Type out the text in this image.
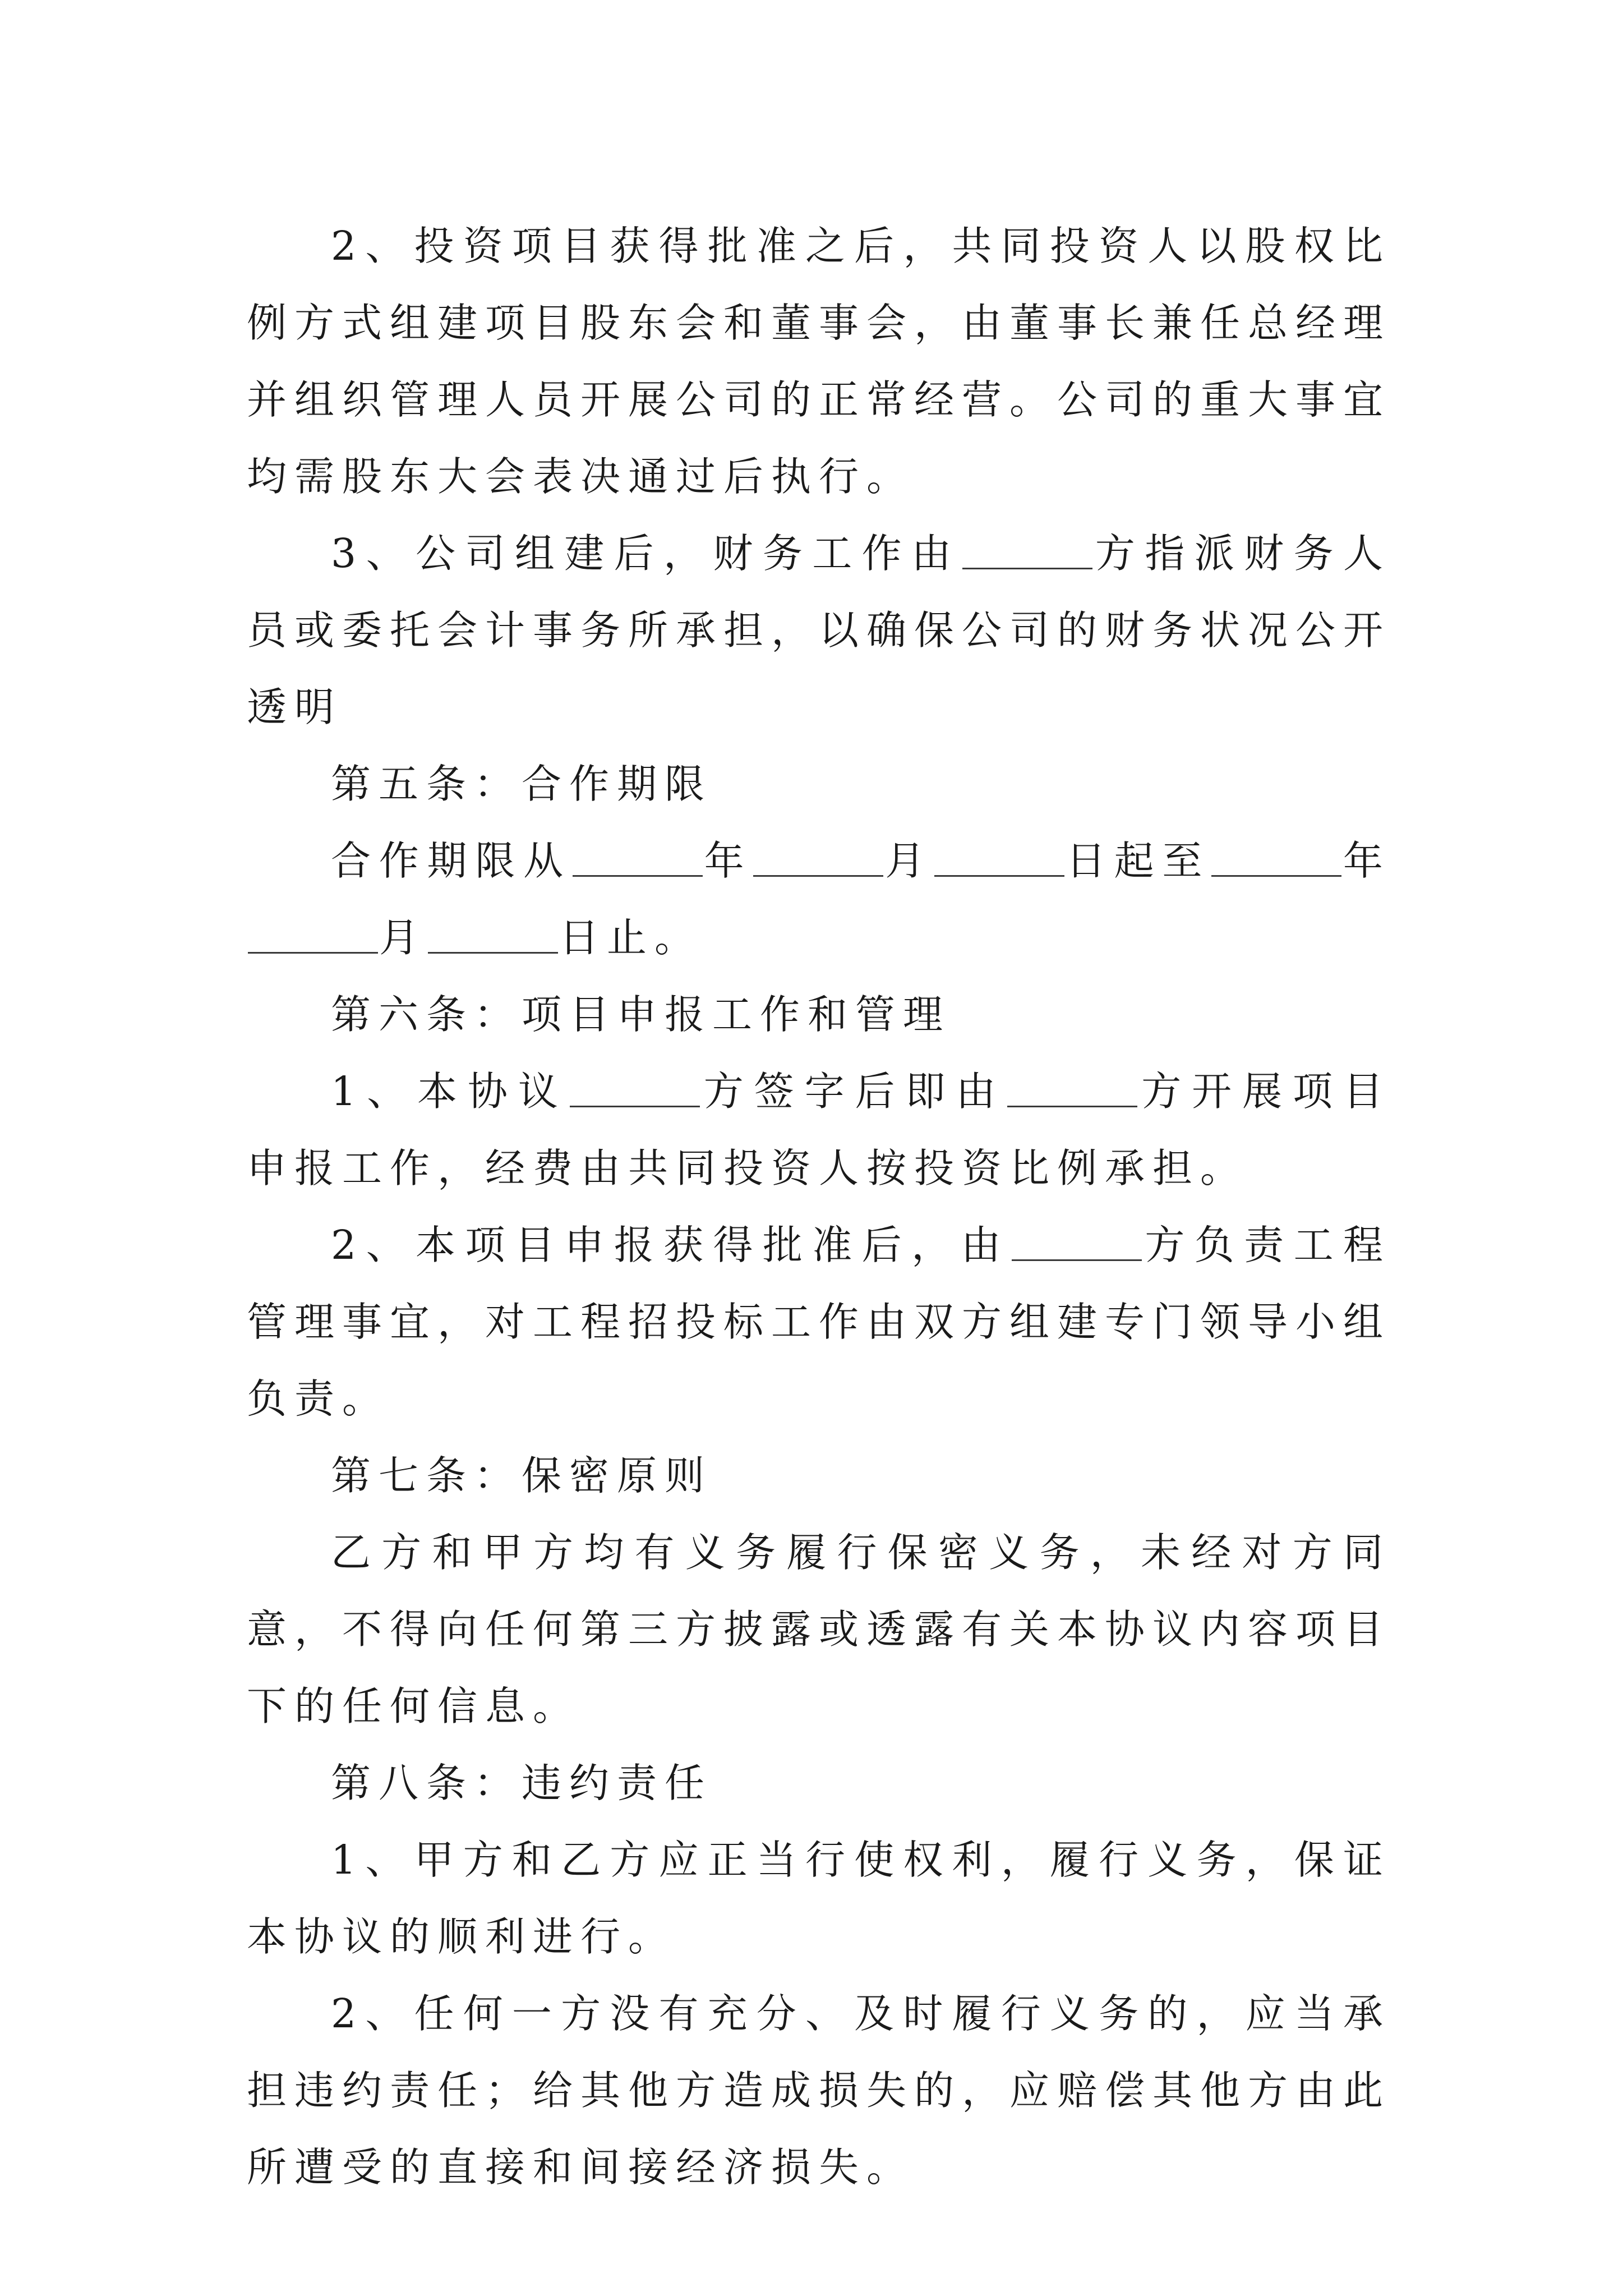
2、投资项目获得批准之后，共同投资人以股权比例方式组建项目股东会和董事会，由董事长兼任总经理并组织管理人员开展公司的正常经营。公司的重大事宜均需股东大会表决通过后执行。

3、公司组建后，财务工作由	方指派财务人员或委托会计事务所承担，以确保公司的财务状况公开透明

第五条：合作期限

合作期限从	年	月	日起至	年月	日止。

第六条：项目申报工作和管理

1、本协议	方签字后即由	方开展项目申报工作，经费由共同投资人按投资比例承担。

2、本项目申报获得批准后，由	方负责工程管理事宜，对工程招投标工作由双方组建专门领导小组负责。

第七条：保密原则

乙方和甲方均有义务履行保密义务，未经对方同意，不得向任何第三方披露或透露有关本协议内容项目下的任何信息。

第八条：违约责任

1、甲方和乙方应正当行使权利，履行义务，保证本协议的顺利进行。

2、任何一方没有充分、及时履行义务的，应当承担违约责任；给其他方造成损失的，应赔偿其他方由此所遭受的直接和间接经济损失。
